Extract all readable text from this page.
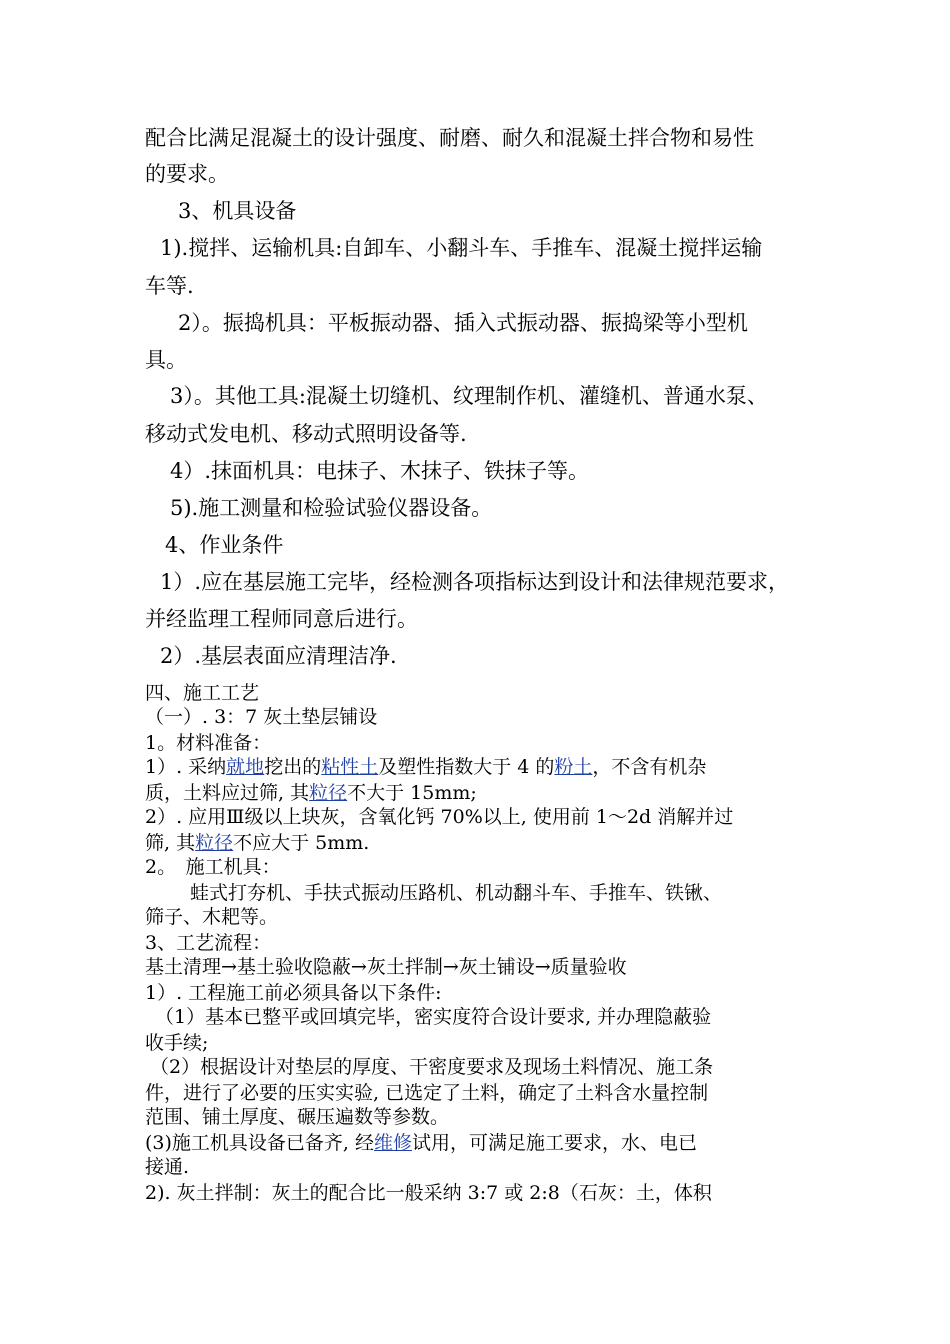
配合比满足混凝土的设计强度、耐磨、耐久和混凝土拌合物和易性
的要求。
3、机具设备
1).搅拌、运输机具:自卸车、小翻斗车、手推车、混凝土搅拌运输
车等.
2）。振捣机具：平板振动器、插入式振动器、振捣梁等小型机
具。
3）。其他工具:混凝土切缝机、纹理制作机、灌缝机、普通水泵、
移动式发电机、移动式照明设备等.
4）.抹面机具：电抹子、木抹子、铁抹子等。
5).施工测量和检验试验仪器设备。
4、作业条件
1）.应在基层施工完毕，经检测各项指标达到设计和法律规范要求，
并经监理工程师同意后进行。
2）.基层表面应清理洁净.
四、施工工艺
（一）. 3：7 灰土垫层铺设
1。材料准备：
1）. 采纳就地挖出的粘性土及塑性指数大于 4 的粉土，不含有机杂
质，土料应过筛, 其粒径不大于 15mm;
2）. 应用Ⅲ级以上块灰，含氧化钙 70%以上, 使用前 1～2d 消解并过
筛, 其粒径不应大于 5mm.
2。　施工机具：
蛙式打夯机、手扶式振动压路机、机动翻斗车、手推车、铁锹、
筛子、木耙等。
3、工艺流程：
基土清理→基土验收隐蔽→灰土拌制→灰土铺设→质量验收
1）. 工程施工前必须具备以下条件:
（1）基本已整平或回填完毕，密实度符合设计要求, 并办理隐蔽验
收手续;
（2）根据设计对垫层的厚度、干密度要求及现场土料情况、施工条
件，进行了必要的压实实验, 已选定了土料，确定了土料含水量控制
范围、铺土厚度、碾压遍数等参数。
(3)施工机具设备已备齐, 经维修试用，可满足施工要求，水、电已
接通.
2). 灰土拌制：灰土的配合比一般采纳 3:7 或 2:8（石灰：土，体积
